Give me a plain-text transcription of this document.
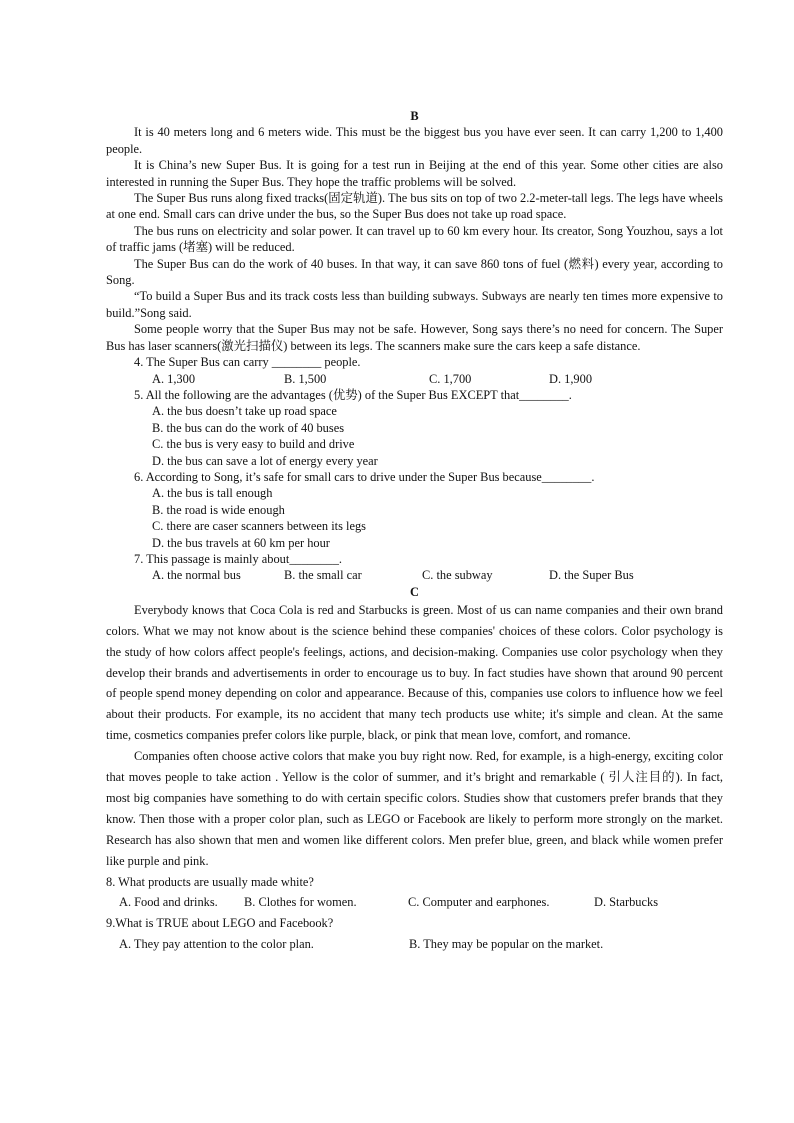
B

It is 40 meters long and 6 meters wide. This must be the biggest bus you have ever seen. It can carry 1,200 to 1,400 people.

It is China’s new Super Bus. It is going for a test run in Beijing at the end of this year. Some other cities are also interested in running the Super Bus. They hope the traffic problems will be solved.

The Super Bus runs along fixed tracks(固定轨道). The bus sits on top of two 2.2-meter-tall legs. The legs have wheels at one end. Small cars can drive under the bus, so the Super Bus does not take up road space.

The bus runs on electricity and solar power. It can travel up to 60 km every hour. Its creator, Song Youzhou, says a lot of traffic jams (堵塞) will be reduced.

The Super Bus can do the work of 40 buses. In that way, it can save 860 tons of fuel (燃料) every year, according to Song.

“To build a Super Bus and its track costs less than building subways. Subways are nearly ten times more expensive to build.”Song said.

Some people worry that the Super Bus may not be safe. However, Song says there’s no need for concern. The Super Bus has laser scanners(激光扫描仪) between its legs. The scanners make sure the cars keep a safe distance.

4. The Super Bus can carry ________ people.
A. 1,300	B. 1,500	C. 1,700	D. 1,900
5. All the following are the advantages (优势) of the Super Bus EXCEPT that________.
A. the bus doesn’t take up road space
B. the bus can do the work of 40 buses
C. the bus is very easy to build and drive
D. the bus can save a lot of energy every year
6. According to Song, it’s safe for small cars to drive under the Super Bus because________.
A. the bus is tall enough
B. the road is wide enough
C. there are caser scanners between its legs
D. the bus travels at 60 km per hour
7. This passage is mainly about________.
A. the normal bus	B. the small car	C. the subway	D. the Super Bus
C

Everybody knows that Coca Cola is red and Starbucks is green. Most of us can name companies and their own brand colors. What we may not know about is the science behind these companies' choices of these colors. Color psychology is the study of how colors affect people's feelings, actions, and decision-making. Companies use color psychology when they develop their brands and advertisements in order to encourage us to buy. In fact studies have shown that around 90 percent of people spend money depending on color and appearance. Because of this, companies use colors to influence how we feel about their products. For example, its no accident that many tech products use white; it's simple and clean. At the same time, cosmetics companies prefer colors like purple, black, or pink that mean love, comfort, and romance.

Companies often choose active colors that make you buy right now. Red, for example, is a high-energy, exciting color that moves people to take action . Yellow is the color of summer, and it’s bright and remarkable ( 引人注目的). In fact, most big companies have something to do with certain specific colors. Studies show that customers prefer brands that they know. Then those with a proper color plan, such as LEGO or Facebook are likely to perform more strongly on the market. Research has also shown that men and women like different colors. Men prefer blue, green, and black while women prefer like purple and pink.

8. What products are usually made white?
A. Food and drinks.	B. Clothes for women.	C. Computer and earphones.	D. Starbucks
9.What is TRUE about LEGO and Facebook?
A. They pay attention to the color plan.	B. They may be popular on the market.
